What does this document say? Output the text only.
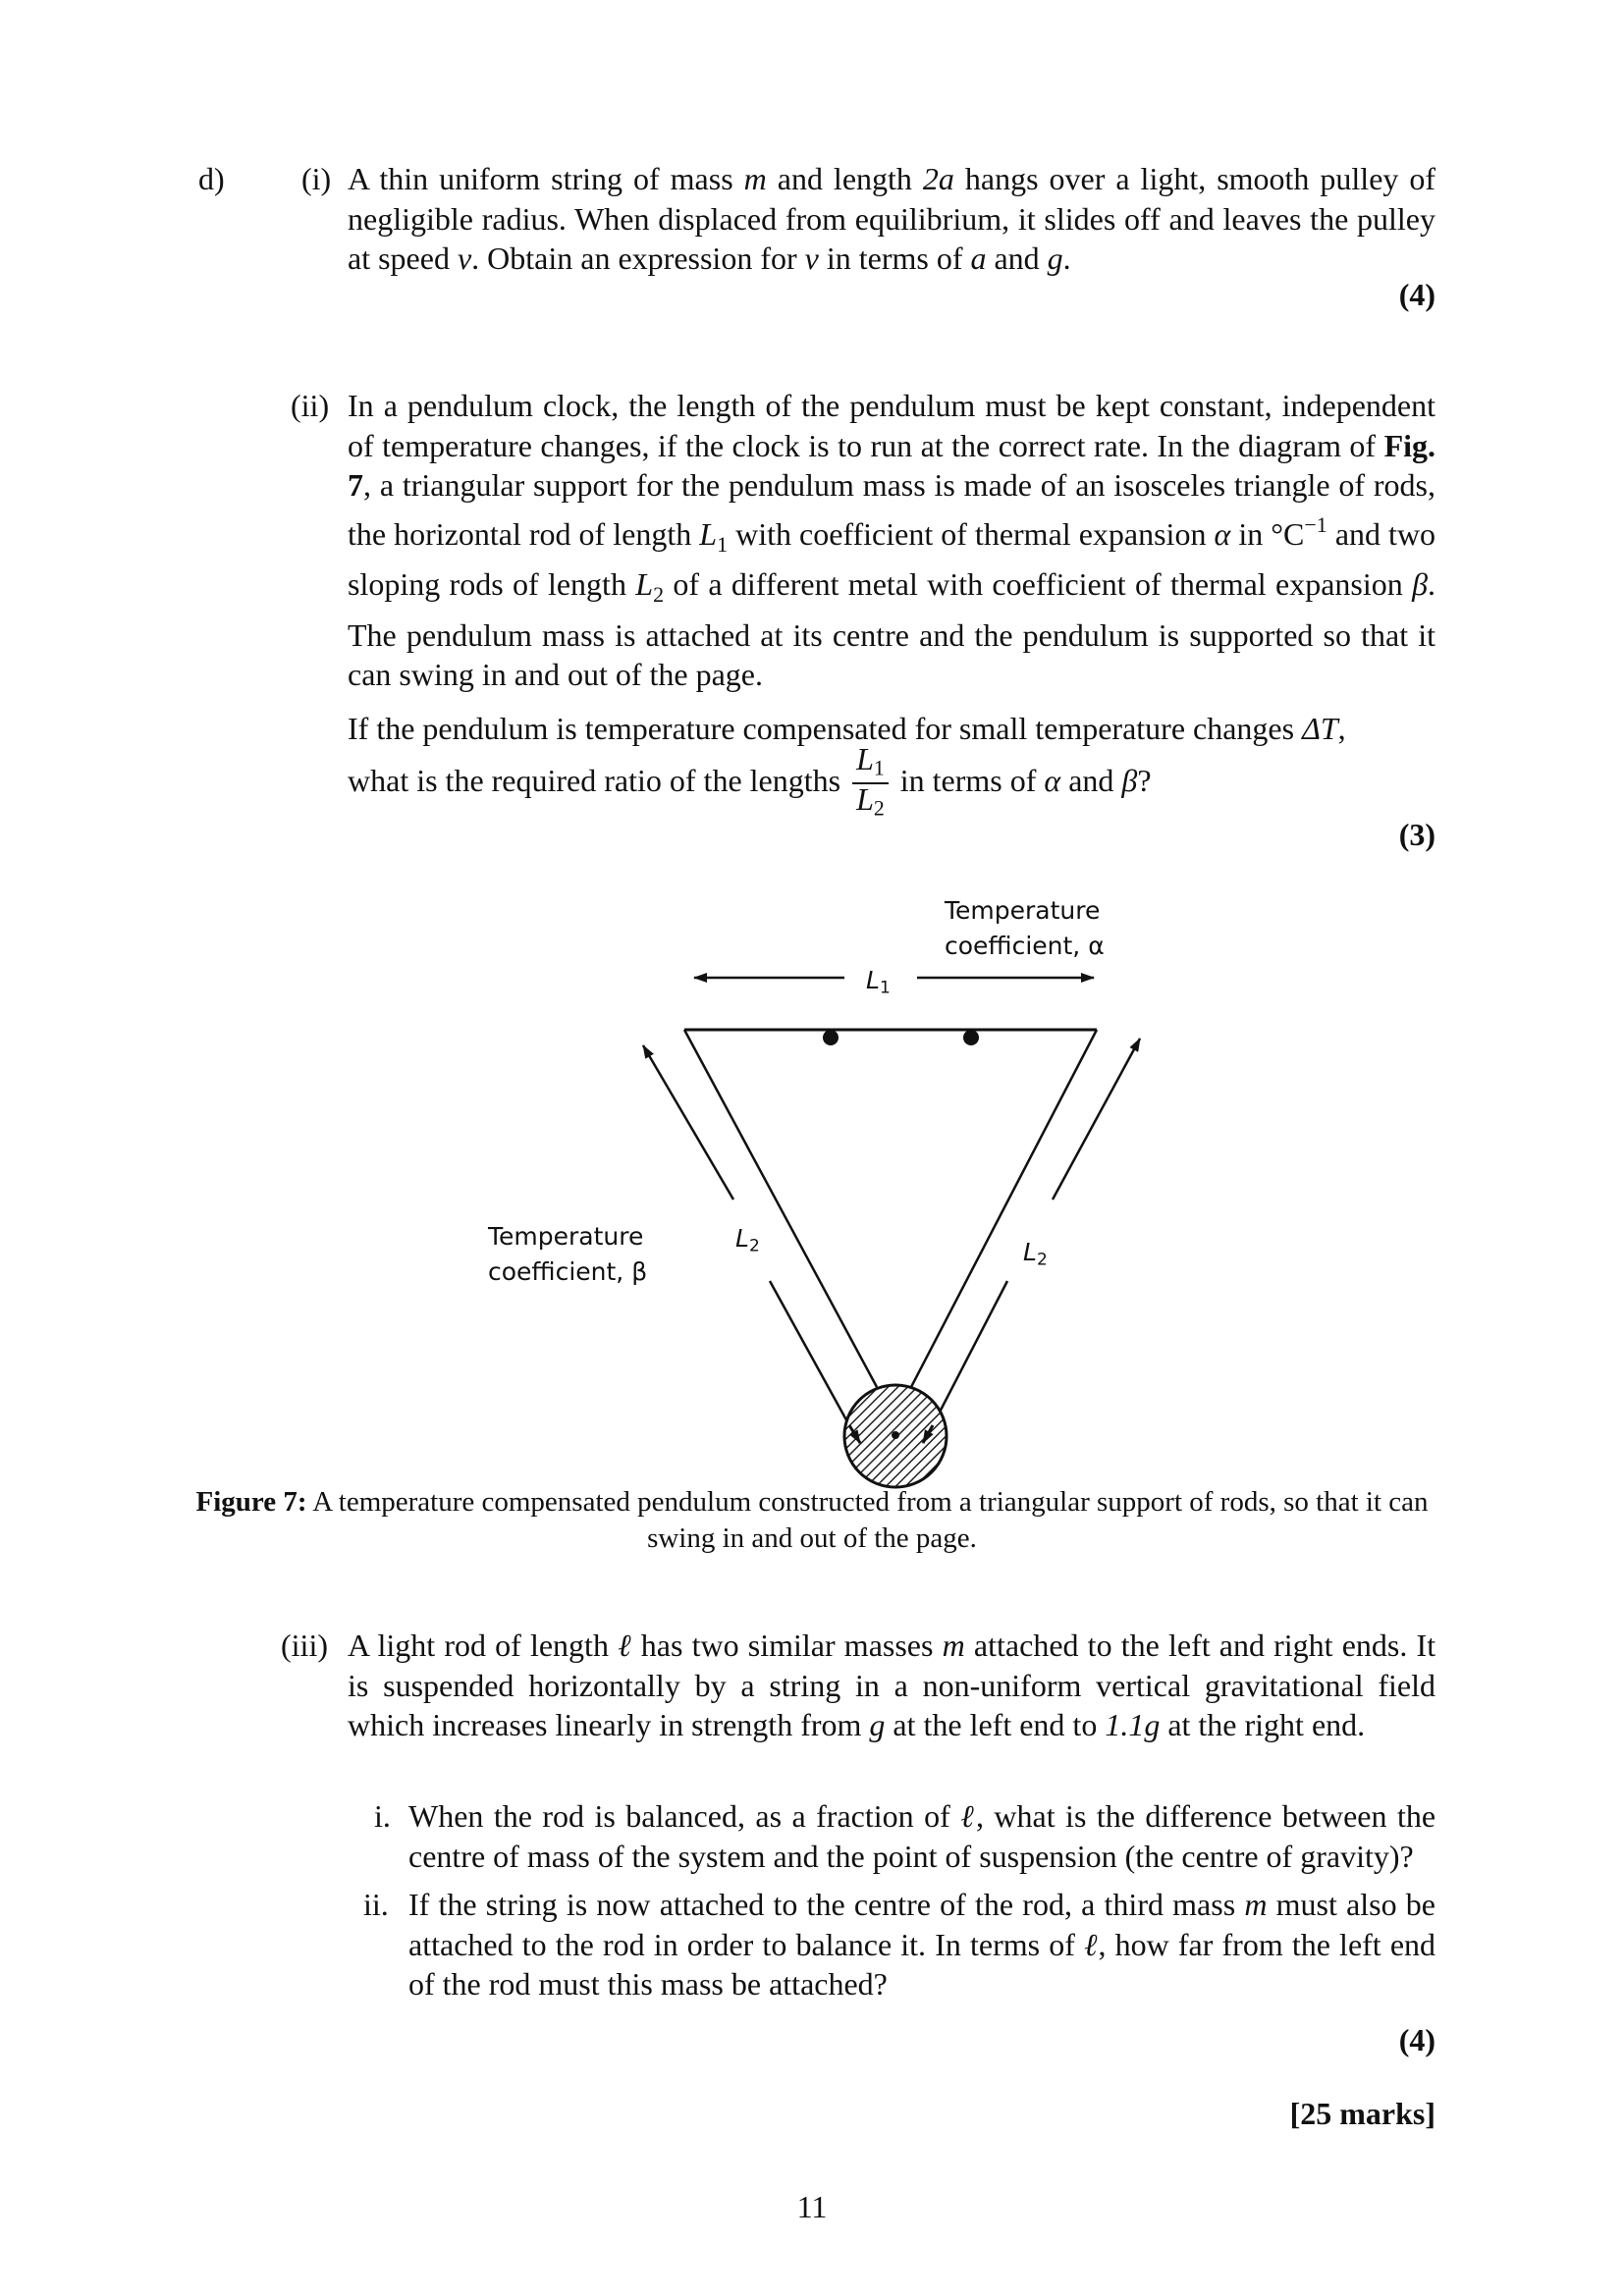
d) (i) A thin uniform string of mass m and length 2a hangs over a light, smooth pulley of negligible radius. When displaced from equilibrium, it slides off and leaves the pulley at speed v. Obtain an expression for v in terms of a and g.
(4)
(ii) In a pendulum clock, the length of the pendulum must be kept constant, independent of temperature changes, if the clock is to run at the correct rate. In the diagram of Fig. 7, a triangular support for the pendulum mass is made of an isosceles triangle of rods, the horizontal rod of length $L_1$ with coefficient of thermal expansion α in $^\circ C^{-1}$ and two sloping rods of length $L_2$ of a different metal with coefficient of thermal expansion β. The pendulum mass is attached at its centre and the pendulum is supported so that it can swing in and out of the page.
If the pendulum is temperature compensated for small temperature changes ΔT,
what is the required ratio of the lengths $\frac{L_1}{L_2}$ in terms of α and β?
(3)
Temperature
coefficient, α
$L_1$
Temperature
coefficient, β
$L_2$	$L_2$
Figure 7: A temperature compensated pendulum constructed from a triangular support of rods, so that it can swing in and out of the page.
(iii) A light rod of length ℓ has two similar masses m attached to the left and right ends. It is suspended horizontally by a string in a non-uniform vertical gravitational field which increases linearly in strength from g at the left end to 1.1g at the right end.
i. When the rod is balanced, as a fraction of ℓ, what is the difference between the centre of mass of the system and the point of suspension (the centre of gravity)?
ii. If the string is now attached to the centre of the rod, a third mass m must also be attached to the rod in order to balance it. In terms of ℓ, how far from the left end of the rod must this mass be attached?
(4)
[25 marks]
11
